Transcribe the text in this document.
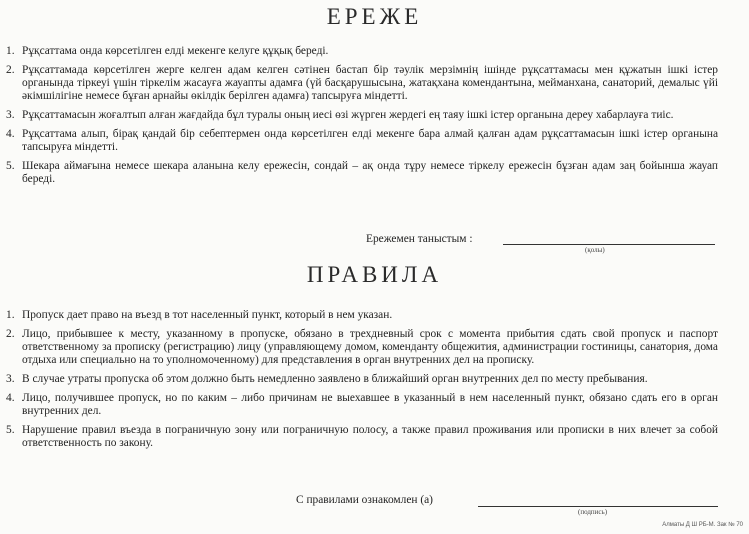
ЕРЕЖЕ
1. Рұқсаттама онда көрсетілген елді мекенге келуге құқық береді.
2. Рұқсаттамада көрсетілген жерге келген адам келген сәтінен бастап бір тәулік мерзімнің ішінде рұқсаттамасы мен құжатын ішкі істер органында тіркеуі үшін тіркелім жасауға жауапты адамға (үй басқарушысына, жатақхана комендантына, мейманхана, санаторий, демалыс үйі әкімшілігіне немесе бұған арнайы өкілдік берілген адамға) тапсыруға міндетті.
3. Рұқсаттамасын жоғалтып алған жағдайда бұл туралы оның иесі өзі жүрген жердегі ең таяу ішкі істер органына дереу хабарлауға тиіс.
4. Рұқсаттама алып, бірақ қандай бір себептермен онда көрсетілген елді мекенге бара алмай қалған адам рұқсаттамасын ішкі істер органына тапсыруға міндетті.
5. Шекара аймағына немесе шекара аланына келу ережесін, сондай – ақ онда тұру немесе тіркелу ережесін бұзған адам заң бойынша жауап береді.
Ережемен таныстым :
(қолы)
ПРАВИЛА
1. Пропуск дает право на въезд в тот населенный пункт, который в нем указан.
2. Лицо, прибывшее к месту, указанному в пропуске, обязано в трехдневный срок с момента прибытия сдать свой пропуск и паспорт ответственному за прописку (регистрацию) лицу (управляющему домом, коменданту общежития, администрации гостиницы, санатория, дома отдыха или специально на то уполномоченному) для представления в орган внутренних дел на прописку.
3. В случае утраты пропуска об этом должно быть немедленно заявлено в ближайший орган внутренних дел по месту пребывания.
4. Лицо, получившее пропуск, но по каким – либо причинам не выехавшее в указанный в нем населенный пункт, обязано сдать его в орган внутренних дел.
5. Нарушение правил въезда в пограничную зону или пограничную полосу, а также правил проживания или прописки в них влечет за собой ответственность по закону.
С правилами ознакомлен (а)
(подпись)
Алматы Д Ш РБ-М. Зак № 70
